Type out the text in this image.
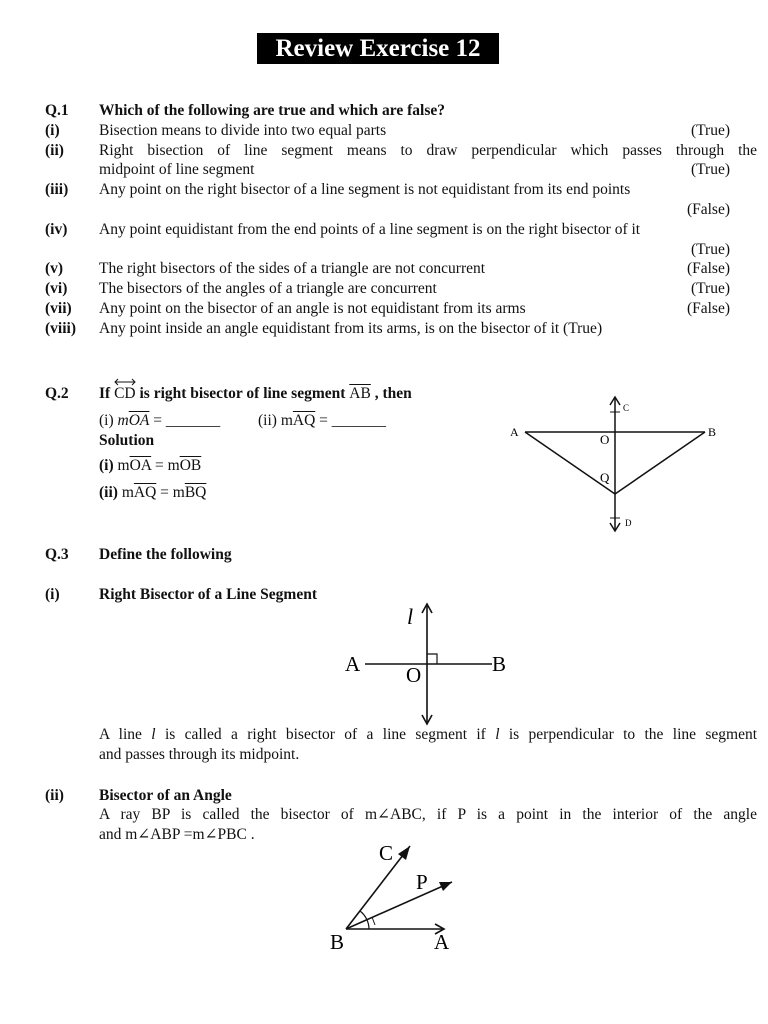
Review Exercise 12
Q.1 Which of the following are true and which are false?
(i)	Bisection means to divide into two equal parts	(True)
(ii) Right bisection of line segment means to draw perpendicular which passes through the
midpoint of line segment	(True)
(iii) Any point on the right bisector of a line segment is not equidistant from its end points
(False)
(iv) Any point equidistant from the end points of a line segment is on the right bisector of it
(True)
(v) The right bisectors of the sides of a triangle are not concurrent	(False)
(vi) The bisectors of the angles of a triangle are concurrent	(True)
(vii) Any point on the bisector of an angle is not equidistant from its arms	(False)
(viii) Any point inside an angle equidistant from its arms, is on the bisector of it (True)
Q.2 If CD is right bisector of line segment $\overline{AB}$ , then
(i) $m\overline{OA}$ = _______ (ii) $m\overline{AQ}$ = _______
Solution
(i) $m\overline{OA} = m\overline{OB}$
(ii) $m\overline{AQ} = m\overline{BQ}$
A	B
C
D
O
Q
Q.3 Define the following
(i)	Right Bisector of a Line Segment
l
A	B
O
A line l is called a right bisector of a line segment if l is perpendicular to the line segment
and passes through its midpoint.
(ii) Bisector of an Angle
A ray BP is called the bisector of m∠ABC, if P is a point in the interior of the angle
and m∠ABP =m∠PBC .
C
P
B	A
